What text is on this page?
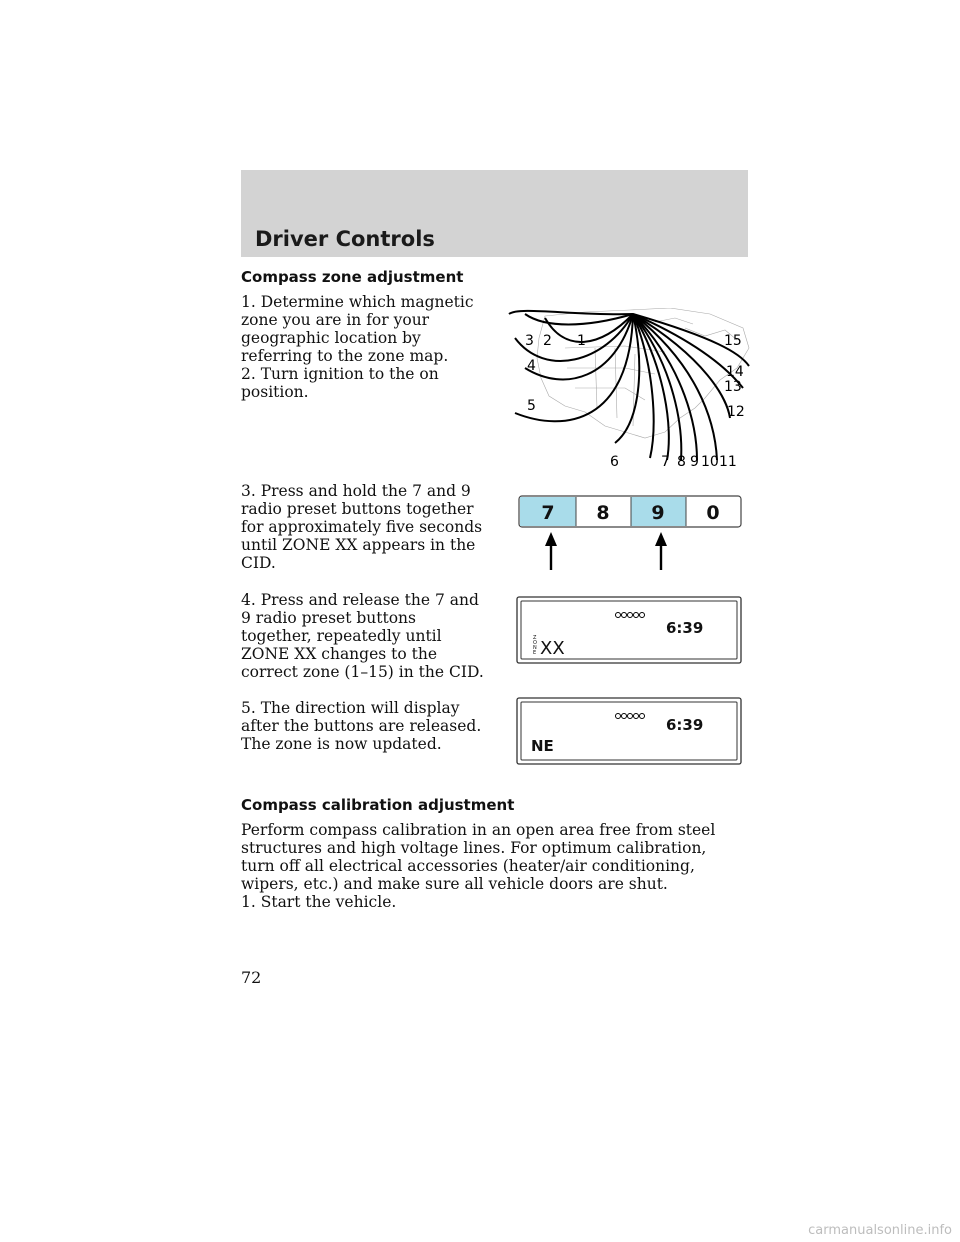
Driver Controls
Compass zone adjustment

1. Determine which magnetic zone you are in for your geographic location by referring to the zone map.

2. Turn ignition to the on position.

3. Press and hold the 7 and 9 radio preset buttons together for approximately five seconds until ZONE XX appears in the CID.

4. Press and release the 7 and 9 radio preset buttons together, repeatedly until ZONE XX changes to the correct zone (1–15) in the CID.

5. The direction will display after the buttons are released. The zone is now updated.

3 2 1
4
5
6	7 8 9 10 11
12
13
14
15
7 8 9 0
6:39
Z
O
N
E XX
6:39
NE
Compass calibration adjustment

Perform compass calibration in an open area free from steel structures and high voltage lines. For optimum calibration, turn off all electrical accessories (heater/air conditioning, wipers, etc.) and make sure all vehicle doors are shut.

1. Start the vehicle.

72
carmanualsonline.info
